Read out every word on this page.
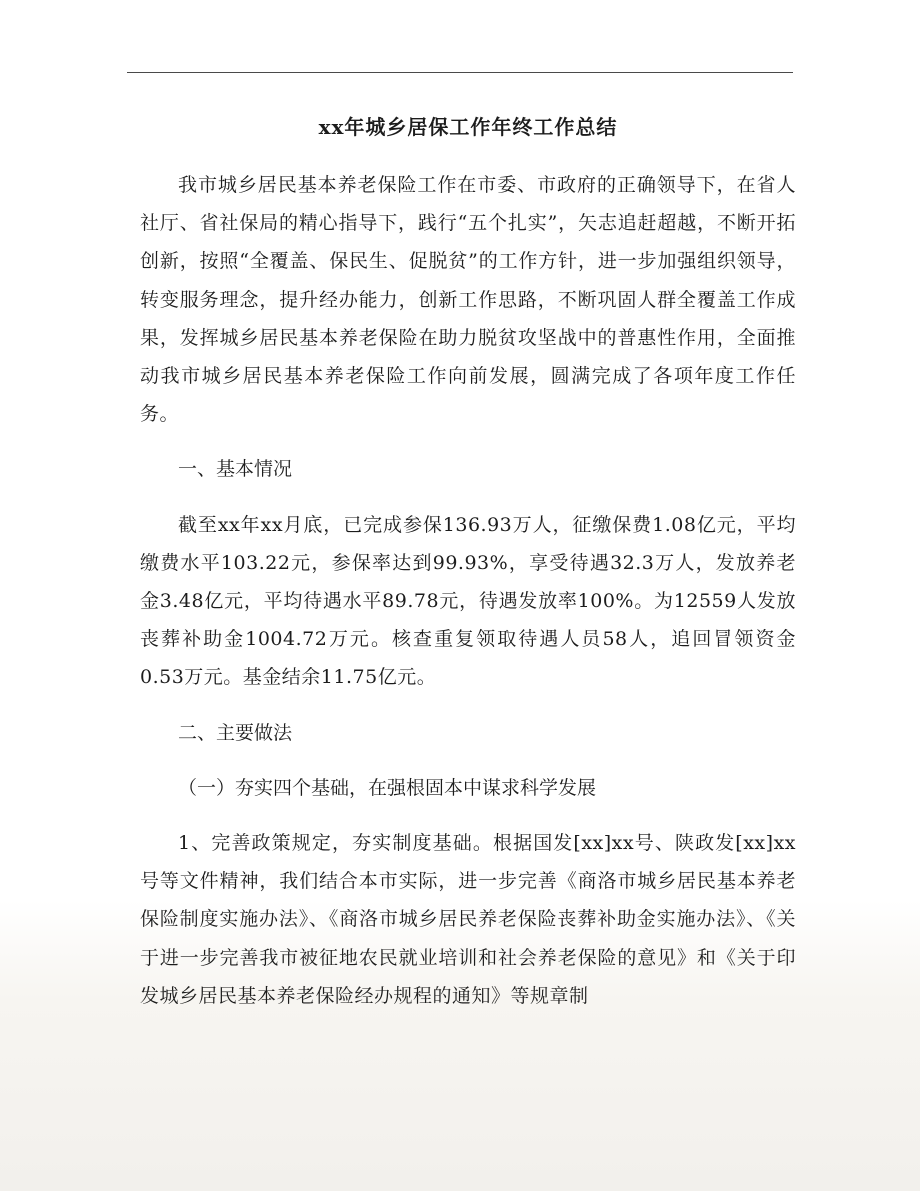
xx年城乡居保工作年终工作总结

我市城乡居民基本养老保险工作在市委、市政府的正确领导下，在省人社厅、省社保局的精心指导下，践行“五个扎实”，矢志追赶超越，不断开拓创新，按照“全覆盖、保民生、促脱贫”的工作方针，进一步加强组织领导，转变服务理念，提升经办能力，创新工作思路，不断巩固人群全覆盖工作成果，发挥城乡居民基本养老保险在助力脱贫攻坚战中的普惠性作用，全面推动我市城乡居民基本养老保险工作向前发展，圆满完成了各项年度工作任务。

一、基本情况

截至xx年xx月底，已完成参保136.93万人，征缴保费1.08亿元，平均缴费水平103.22元，参保率达到99.93%，享受待遇32.3万人，发放养老金3.48亿元，平均待遇水平89.78元，待遇发放率100%。为12559人发放丧葬补助金1004.72万元。核查重复领取待遇人员58人，追回冒领资金0.53万元。基金结余11.75亿元。

二、主要做法

（一）夯实四个基础，在强根固本中谋求科学发展

1、完善政策规定，夯实制度基础。根据国发[xx]xx号、陕政发[xx]xx号等文件精神，我们结合本市实际，进一步完善《商洛市城乡居民基本养老保险制度实施办法》、《商洛市城乡居民养老保险丧葬补助金实施办法》、《关于进一步完善我市被征地农民就业培训和社会养老保险的意见》和《关于印发城乡居民基本养老保险经办规程的通知》等规章制
